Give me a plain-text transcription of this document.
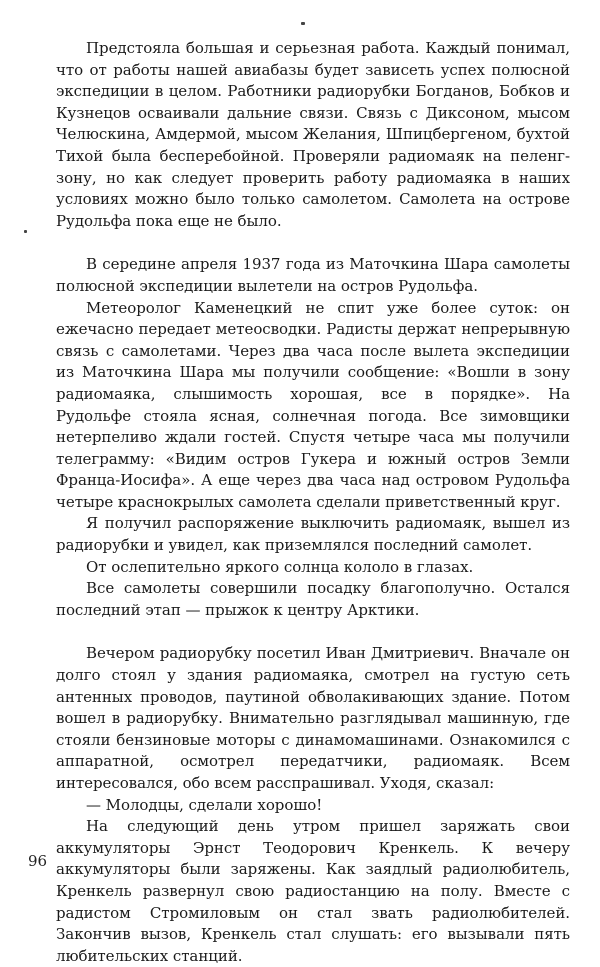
Предстояла большая и серьезная работа. Каждый понимал, что от работы нашей авиабазы будет зависеть успех полюсной экспедиции в целом. Работники радиорубки Богданов, Бобков и Кузнецов осваивали дальние связи. Связь с Диксоном, мысом Челюскина, Амдермой, мысом Желания, Шпицбергеном, бухтой Тихой была бесперебойной. Проверяли радиомаяк на пеленг-зону, но как следует проверить работу радиомаяка в наших условиях можно было только самолетом. Самолета на острове Рудольфа пока еще не было.

В середине апреля 1937 года из Маточкина Шара самолеты полюсной экспедиции вылетели на остров Рудольфа.

Метеоролог Каменецкий не спит уже более суток: он ежечасно передает метеосводки. Радисты держат непрерывную связь с самолетами. Через два часа после вылета экспедиции из Маточкина Шара мы получили сообщение: «Вошли в зону радиомаяка, слышимость хорошая, все в порядке». На Рудольфе стояла ясная, солнечная погода. Все зимовщики нетерпеливо ждали гостей. Спустя четыре часа мы получили телеграмму: «Видим остров Гукера и южный остров Земли Франца-Иосифа». А еще через два часа над островом Рудольфа четыре краснокрылых самолета сделали приветственный круг.

Я получил распоряжение выключить радиомаяк, вышел из радиорубки и увидел, как приземлялся последний самолет.

От ослепительно яркого солнца кололо в глазах.

Все самолеты совершили посадку благополучно. Остался последний этап — прыжок к центру Арктики.

Вечером радиорубку посетил Иван Дмитриевич. Вначале он долго стоял у здания радиомаяка, смотрел на густую сеть антенных проводов, паутиной обволакивающих здание. Потом вошел в радиорубку. Внимательно разглядывал машинную, где стояли бензиновые моторы с динамомашинами. Ознакомился с аппаратной, осмотрел передатчики, радиомаяк. Всем интересовался, обо всем расспрашивал. Уходя, сказал:

— Молодцы, сделали хорошо!

На следующий день утром пришел заряжать свои аккумуляторы Эрнст Теодорович Кренкель. К вечеру аккумуляторы были заряжены. Как заядлый радиолюбитель, Кренкель развернул свою радиостанцию на полу. Вместе с радистом Стромиловым он стал звать радиолюбителей. Закончив вызов, Кренкель стал слушать: его вызывали пять любительских станций.

96
